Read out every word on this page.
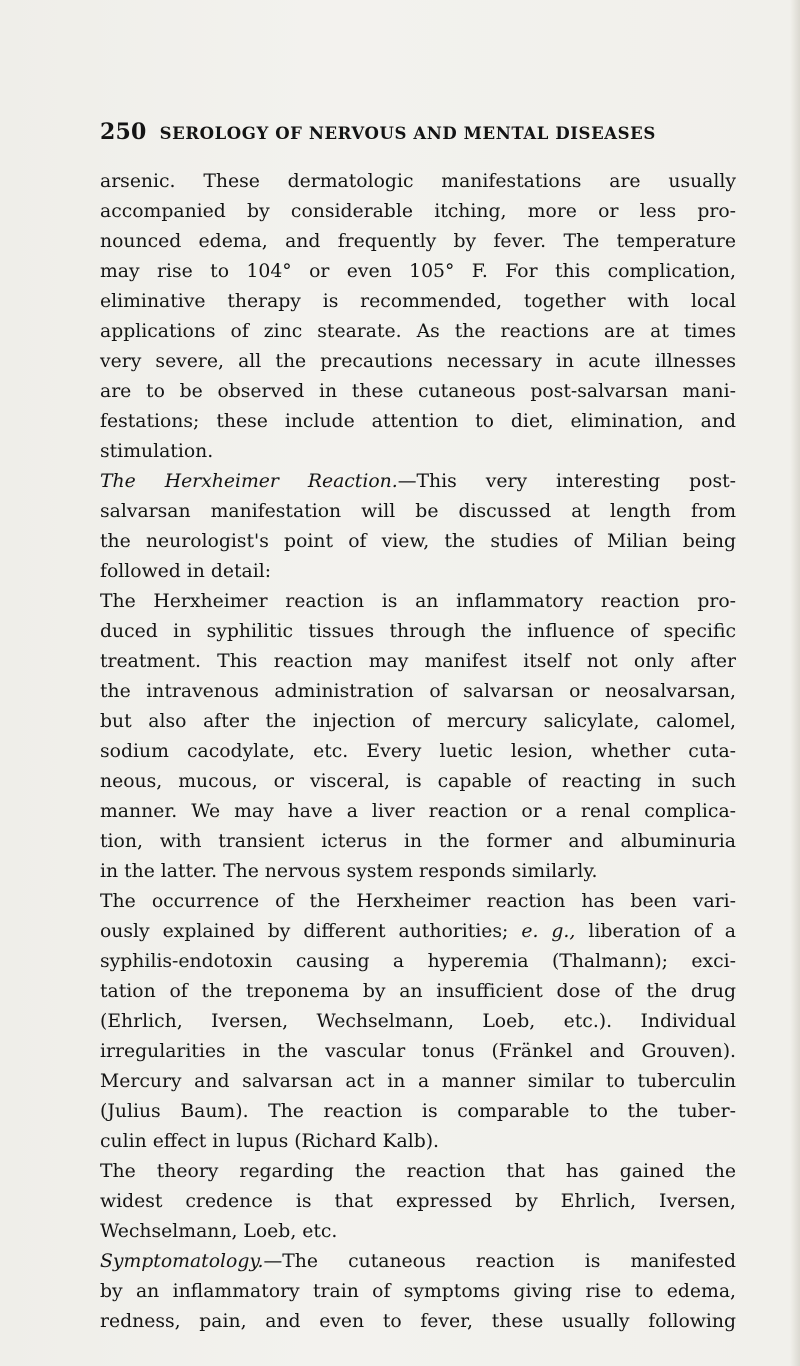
250 SEROLOGY OF NERVOUS AND MENTAL DISEASES
arsenic. These dermatologic manifestations are usually
accompanied by considerable itching, more or less pro-
nounced edema, and frequently by fever. The temperature
may rise to 104° or even 105° F. For this complication,
eliminative therapy is recommended, together with local
applications of zinc stearate. As the reactions are at times
very severe, all the precautions necessary in acute illnesses
are to be observed in these cutaneous post-salvarsan mani-
festations; these include attention to diet, elimination, and
stimulation.
The Herxheimer Reaction.—This very interesting post-
salvarsan manifestation will be discussed at length from
the neurologist's point of view, the studies of Milian being
followed in detail:
The Herxheimer reaction is an inflammatory reaction pro-
duced in syphilitic tissues through the influence of specific
treatment. This reaction may manifest itself not only after
the intravenous administration of salvarsan or neosalvarsan,
but also after the injection of mercury salicylate, calomel,
sodium cacodylate, etc. Every luetic lesion, whether cuta-
neous, mucous, or visceral, is capable of reacting in such
manner. We may have a liver reaction or a renal complica-
tion, with transient icterus in the former and albuminuria
in the latter. The nervous system responds similarly.
The occurrence of the Herxheimer reaction has been vari-
ously explained by different authorities; e. g., liberation of a
syphilis-endotoxin causing a hyperemia (Thalmann); exci-
tation of the treponema by an insufficient dose of the drug
(Ehrlich, Iversen, Wechselmann, Loeb, etc.). Individual
irregularities in the vascular tonus (Fränkel and Grouven).
Mercury and salvarsan act in a manner similar to tuberculin
(Julius Baum). The reaction is comparable to the tuber-
culin effect in lupus (Richard Kalb).
The theory regarding the reaction that has gained the
widest credence is that expressed by Ehrlich, Iversen,
Wechselmann, Loeb, etc.
Symptomatology.—The cutaneous reaction is manifested
by an inflammatory train of symptoms giving rise to edema,
redness, pain, and even to fever, these usually following
